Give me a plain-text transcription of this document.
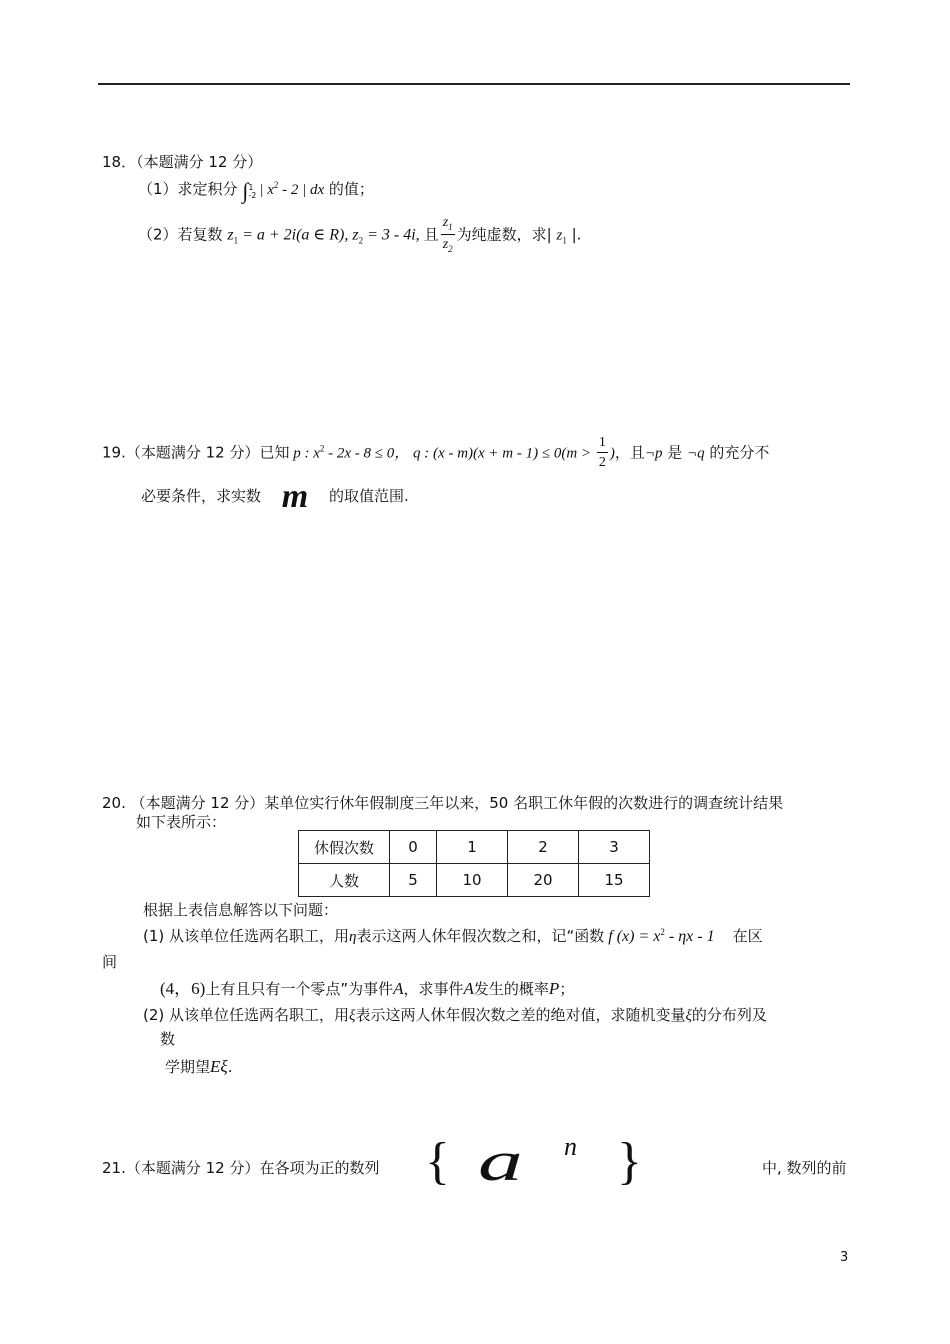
18．（本题满分 12 分）
（1）求定积分 ∫ 1
-2 | $x^2 - 2$ | dx 的值；
（2）若复数 $z_1 = a + 2i(a$ ∈ R), $z_2 = 3 - 4i$, 且 $\frac{z_1}{z_2}$ 为纯虚数，求| $z_1$ |.
19.（本题满分 12 分）已知 p : $x^2 - 2x - 8 \le 0$， q : $(x - m)(x + m - 1) \le 0(m > \frac{1}{2}$ )，且¬p 是 ¬q 的充分不
必要条件，求实数 m 的取值范围.
20. （本题满分 12 分）某单位实行休年假制度三年以来，50 名职工休年假的次数进行的调查统计结果
如下表所示：
休假次数	0	1	2	3
人数	5	10	20	15
根据上表信息解答以下问题：
(1) 从该单位任选两名职工，用η表示这两人休年假次数之和，记“函数 f $(x) = x^2 - \eta x - 1$ 在区
间
(4，6)上有且只有一个零点”为事件A，求事件A发生的概率P；
(2) 从该单位任选两名职工，用ξ表示这两人休年假次数之差的绝对值，求随机变量ξ的分布列及
数
学期望Eξ.
21.（本题满分 12 分）在各项为正的数列 { a n }	中, 数列的前
3
